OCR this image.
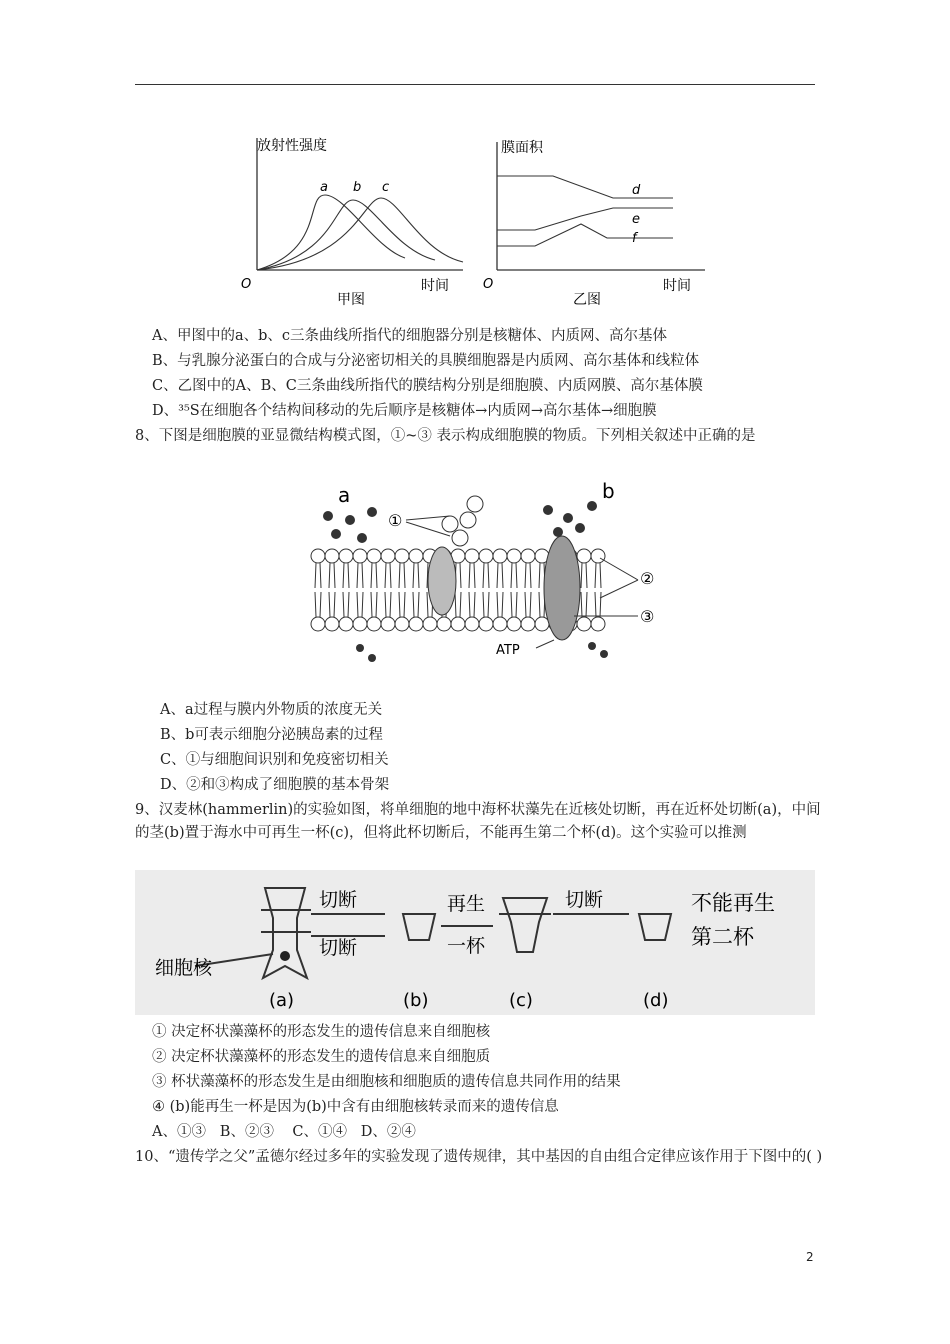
放射性强度
a b c
O	时间
甲图
膜面积
d
e
f
O	时间
乙图
A、甲图中的a、b、c三条曲线所指代的细胞器分别是核糖体、内质网、高尔基体
B、与乳腺分泌蛋白的合成与分泌密切相关的具膜细胞器是内质网、高尔基体和线粒体
C、乙图中的A、B、C三条曲线所指代的膜结构分别是细胞膜、内质网膜、高尔基体膜
D、³⁵S在细胞各个结构间移动的先后顺序是核糖体→内质网→高尔基体→细胞膜
8、下图是细胞膜的亚显微结构模式图，①~③ 表示构成细胞膜的物质。下列相关叙述中正确的是
a	b
①
②
③
ATP
A、a过程与膜内外物质的浓度无关
B、b可表示细胞分泌胰岛素的过程
C、①与细胞间识别和免疫密切相关
D、②和③构成了细胞膜的基本骨架
9、汉麦林(hammerlin)的实验如图，将单细胞的地中海杯状藻先在近核处切断，再在近杯处切断(a)，中间的茎(b)置于海水中可再生一杯(c)，但将此杯切断后，不能再生第二个杯(d)。这个实验可以推测
切断
切断
细胞核
再生
一杯
切断	不能再生
第二杯
(a)	(b)	(c)	(d)
① 决定杯状藻藻杯的形态发生的遗传信息来自细胞核
② 决定杯状藻藻杯的形态发生的遗传信息来自细胞质
③ 杯状藻藻杯的形态发生是由细胞核和细胞质的遗传信息共同作用的结果
④ (b)能再生一杯是因为(b)中含有由细胞核转录而来的遗传信息
A、①③   B、②③    C、①④   D、②④
10、“遗传学之父”孟德尔经过多年的实验发现了遗传规律，其中基因的自由组合定律应该作用于下图中的( )
2
